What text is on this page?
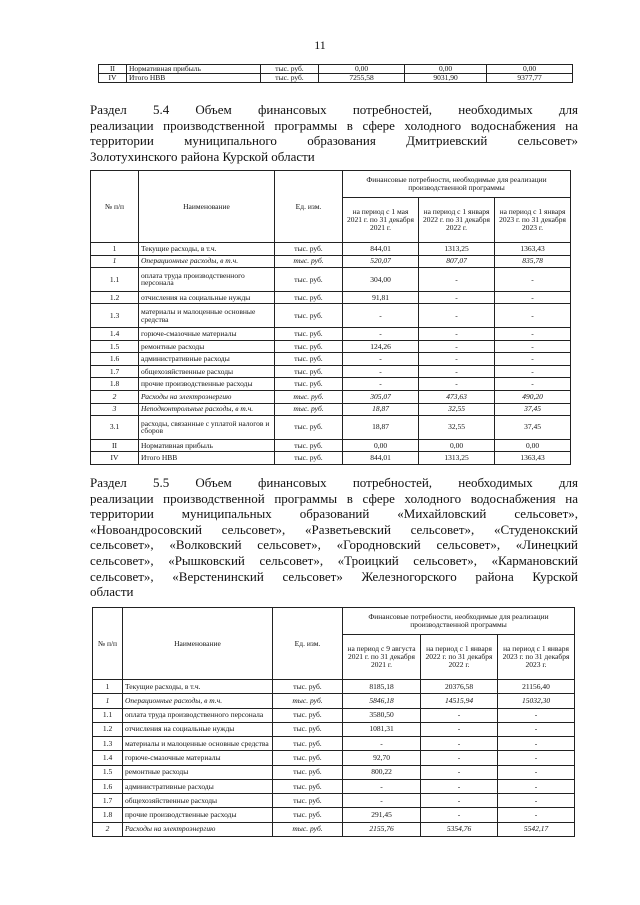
11
II	Нормативная прибыль	тыс. руб.	0,00	0,00	0,00
IV	Итого НВВ	тыс. руб.	7255,58	9031,90	9377,77
Раздел 5.4 Объем финансовых потребностей, необходимых для
реализации производственной программы в сфере холодного водоснабжения на
территории муниципального образования Дмитриевский сельсовет»
Золотухинского района Курской области
№ п/п	Наименование	Ед. изм.	Финансовые потребности, необходимые для реализации производственной программы		
			на период с 1 мая 2021 г. по 31 декабря 2021 г.	на период с 1 января 2022 г. по 31 декабря 2022 г.	на период с 1 января 2023 г. по 31 декабря 2023 г.
1	Текущие расходы, в т.ч.	тыс. руб.	844,01	1313,25	1363,43
1	Операционные расходы, в т.ч.	тыс. руб.	520,07	807,07	835,78
1.1	оплата труда производственного персонала	тыс. руб.	304,00	-	-
1.2	отчисления на социальные нужды	тыс. руб.	91,81	-	-
1.3	материалы и малоценные основные средства	тыс. руб.	-	-	-
1.4	горюче-смазочные материалы	тыс. руб.	-	-	-
1.5	ремонтные расходы	тыс. руб.	124,26	-	-
1.6	административные расходы	тыс. руб.	-	-	-
1.7	общехозяйственные расходы	тыс. руб.	-	-	-
1.8	прочие производственные расходы	тыс. руб.	-	-	-
2	Расходы на электроэнергию	тыс. руб.	305,07	473,63	490,20
3	Неподконтрольные расходы, в т.ч.	тыс. руб.	18,87	32,55	37,45
3.1	расходы, связанные с уплатой налогов и сборов	тыс. руб.	18,87	32,55	37,45
II	Нормативная прибыль	тыс. руб.	0,00	0,00	0,00
IV	Итого НВВ	тыс. руб.	844,01	1313,25	1363,43
Раздел 5.5 Объем финансовых потребностей, необходимых для
реализации производственной программы в сфере холодного водоснабжения на
территории муниципальных образований «Михайловский сельсовет»,
«Новоандросовский сельсовет», «Разветьевский сельсовет», «Студенокский
сельсовет», «Волковский сельсовет», «Городновский сельсовет», «Линецкий
сельсовет», «Рышковский сельсовет», «Троицкий сельсовет», «Кармановский
сельсовет», «Верстенинский сельсовет» Железногорского района Курской
области
№ п/п	Наименование	Ед. изм.	Финансовые потребности, необходимые для реализации производственной программы		
			на период с 9 августа 2021 г. по 31 декабря 2021 г.	на период с 1 января 2022 г. по 31 декабря 2022 г.	на период с 1 января 2023 г. по 31 декабря 2023 г.
1	Текущие расходы, в т.ч.	тыс. руб.	8185,18	20376,58	21156,40
1	Операционные расходы, в т.ч.	тыс. руб.	5846,18	14515,94	15032,30
1.1	оплата труда производственного персонала	тыс. руб.	3580,50	-	-
1.2	отчисления на социальные нужды	тыс. руб.	1081,31	-	-
1.3	материалы и малоценные основные средства	тыс. руб.	-	-	-
1.4	горюче-смазочные материалы	тыс. руб.	92,70	-	-
1.5	ремонтные расходы	тыс. руб.	800,22	-	-
1.6	административные расходы	тыс. руб.	-	-	-
1.7	общехозяйственные расходы	тыс. руб.	-	-	-
1.8	прочие производственные расходы	тыс. руб.	291,45	-	-
2	Расходы на электроэнергию	тыс. руб.	2155,76	5354,76	5542,17
